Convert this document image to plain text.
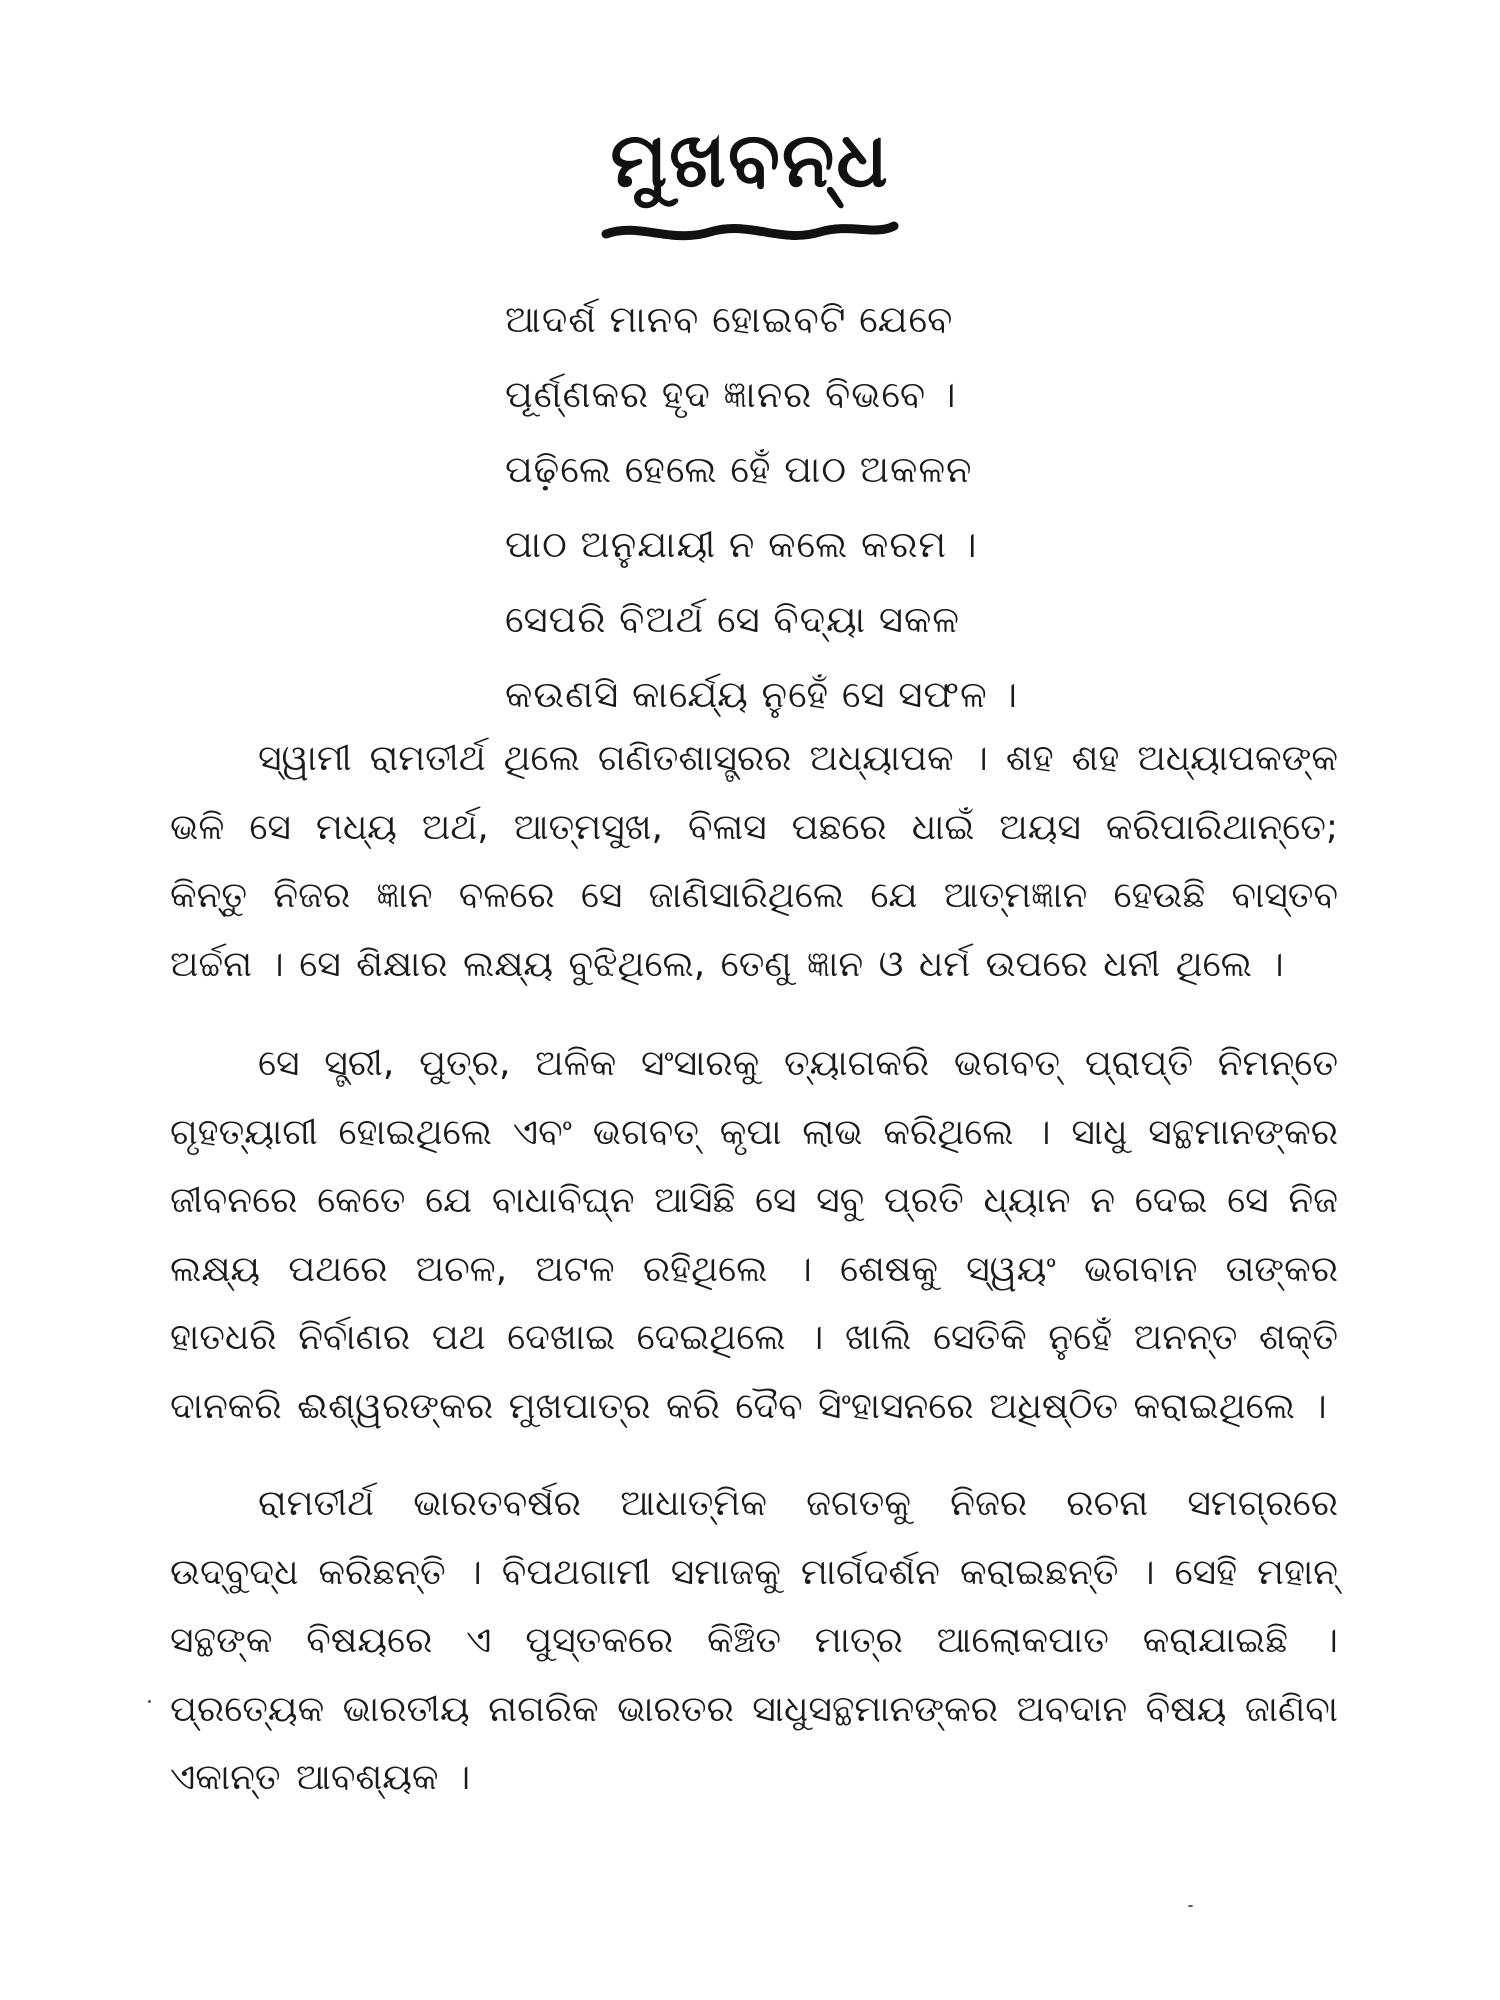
ମୁଖବନ୍ଧ
ଆଦର୍ଶ ମାନବ ହୋଇବଟି ଯେବେ
ପୂର୍ଣ୍ଣକର ହୃଦ ଜ୍ଞାନର ବିଭବେ ।
ପଢ଼ିଲେ ହେଲେ ହେଁ ପାଠ ଅକଳନ
ପାଠ ଅନୁଯାୟୀ ନ କଲେ କରମ ।
ସେପରି ବିଅର୍ଥ ସେ ବିଦ୍ୟା ସକଳ
କଉଣସି କାର୍ଯ୍ୟେ ନୁହେଁ ସେ ସଫଳ ।

ସ୍ୱାମୀ ରାମତୀର୍ଥ ଥିଲେ ଗଣିତଶାସ୍ତ୍ରର ଅଧ୍ୟାପକ । ଶହ ଶହ ଅଧ୍ୟାପକଙ୍କ ଭଳି ସେ ମଧ୍ୟ ଅର୍ଥ, ଆତ୍ମସୁଖ, ବିଳାସ ପଛରେ ଧାଇଁ ଅୟସ କରିପାରିଥାନ୍ତେ; କିନ୍ତୁ ନିଜର ଜ୍ଞାନ ବଳରେ ସେ ଜାଣିସାରିଥିଲେ ଯେ ଆତ୍ମଜ୍ଞାନ ହେଉଛି ବାସ୍ତବ ଅର୍ଚ୍ଚନା । ସେ ଶିକ୍ଷାର ଲକ୍ଷ୍ୟ ବୁଝିଥିଲେ, ତେଣୁ ଜ୍ଞାନ ଓ ଧର୍ମ ଉପରେ ଧନୀ ଥିଲେ ।

ସେ ସ୍ତ୍ରୀ, ପୁତ୍ର, ଅଳିକ ସଂସାରକୁ ତ୍ୟାଗକରି ଭଗବତ୍ ପ୍ରାପ୍ତି ନିମନ୍ତେ ଗୃହତ୍ୟାଗୀ ହୋଇଥିଲେ ଏବଂ ଭଗବତ୍ କୃପା ଲାଭ କରିଥିଲେ । ସାଧୁ ସନ୍ଥମାନଙ୍କର ଜୀବନରେ କେତେ ଯେ ବାଧାବିଘ୍ନ ଆସିଛି ସେ ସବୁ ପ୍ରତି ଧ୍ୟାନ ନ ଦେଇ ସେ ନିଜ ଲକ୍ଷ୍ୟ ପଥରେ ଅଚଳ, ଅଟଳ ରହିଥିଲେ । ଶେଷକୁ ସ୍ୱୟଂ ଭଗବାନ ତାଙ୍କର ହାତଧରି ନିର୍ବାଣର ପଥ ଦେଖାଇ ଦେଇଥିଲେ । ଖାଲି ସେତିକି ନୁହେଁ ଅନନ୍ତ ଶକ୍ତି ଦାନକରି ଈଶ୍ୱରଙ୍କର ମୁଖପାତ୍ର କରି ଦୈବ ସିଂହାସନରେ ଅଧିଷ୍ଠିତ କରାଇଥିଲେ ।

ରାମତୀର୍ଥ ଭାରତବର୍ଷର ଆଧାତ୍ମିକ ଜଗତକୁ ନିଜର ରଚନା ସମଗ୍ରରେ ଉଦ୍‌ବୁଦ୍ଧ କରିଛନ୍ତି । ବିପଥଗାମୀ ସମାଜକୁ ମାର୍ଗଦର୍ଶନ କରାଇଛନ୍ତି । ସେହି ମହାନ୍ ସନ୍ଥଙ୍କ ବିଷୟରେ ଏ ପୁସ୍ତକରେ କିଞ୍ଚିତ ମାତ୍ର ଆଲୋକପାତ କରାଯାଇଛି । ପ୍ରତ୍ୟେକ ଭାରତୀୟ ନାଗରିକ ଭାରତର ସାଧୁସନ୍ଥମାନଙ୍କର ଅବଦାନ ବିଷୟ ଜାଣିବା ଏକାନ୍ତ ଆବଶ୍ୟକ ।
